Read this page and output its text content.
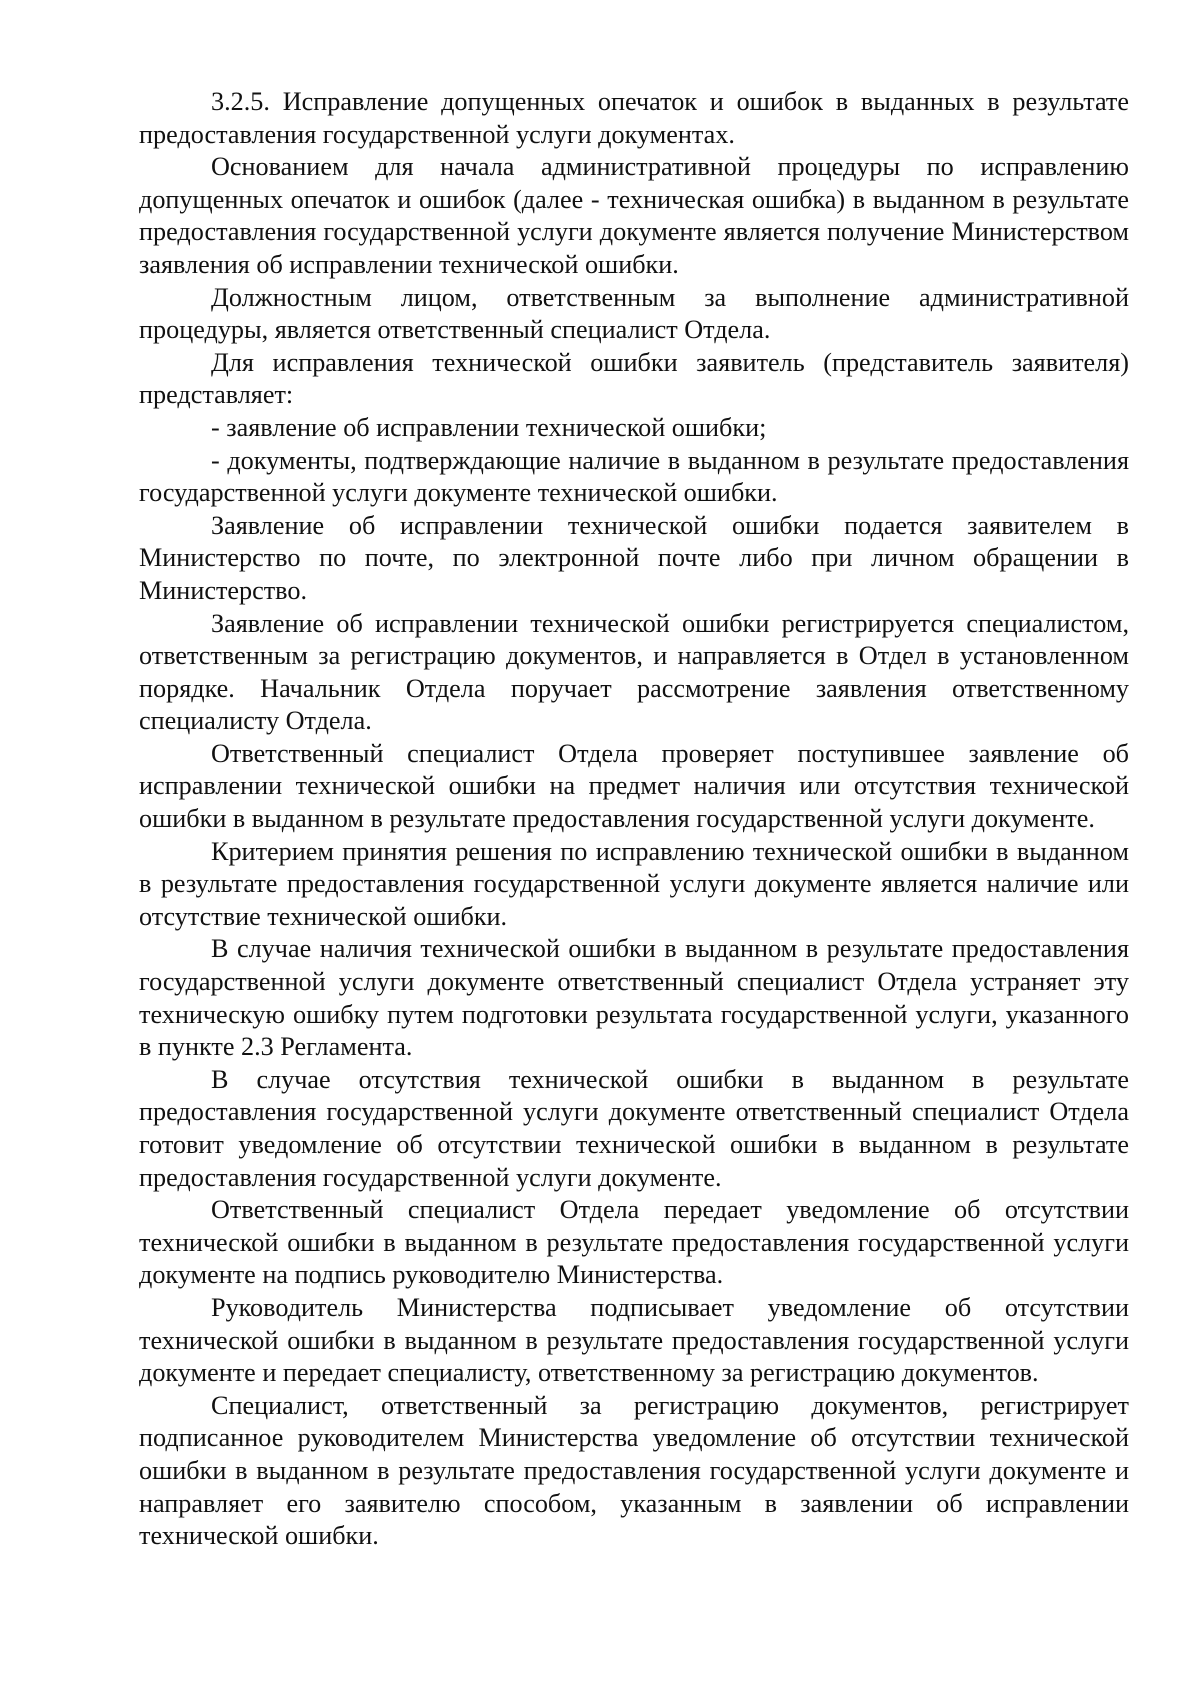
3.2.5. Исправление допущенных опечаток и ошибок в выданных в результате предоставления государственной услуги документах.

Основанием для начала административной процедуры по исправлению допущенных опечаток и ошибок (далее - техническая ошибка) в выданном в результате предоставления государственной услуги документе является получение Министерством заявления об исправлении технической ошибки.

Должностным лицом, ответственным за выполнение административной процедуры, является ответственный специалист Отдела.

Для исправления технической ошибки заявитель (представитель заявителя) представляет:

- заявление об исправлении технической ошибки;

- документы, подтверждающие наличие в выданном в результате предоставления государственной услуги документе технической ошибки.

Заявление об исправлении технической ошибки подается заявителем в Министерство по почте, по электронной почте либо при личном обращении в Министерство.

Заявление об исправлении технической ошибки регистрируется специалистом, ответственным за регистрацию документов, и направляется в Отдел в установленном порядке. Начальник Отдела поручает рассмотрение заявления ответственному специалисту Отдела.

Ответственный специалист Отдела проверяет поступившее заявление об исправлении технической ошибки на предмет наличия или отсутствия технической ошибки в выданном в результате предоставления государственной услуги документе.

Критерием принятия решения по исправлению технической ошибки в выданном в результате предоставления государственной услуги документе является наличие или отсутствие технической ошибки.

В случае наличия технической ошибки в выданном в результате предоставления государственной услуги документе ответственный специалист Отдела устраняет эту техническую ошибку путем подготовки результата государственной услуги, указанного в пункте 2.3 Регламента.

В случае отсутствия технической ошибки в выданном в результате предоставления государственной услуги документе ответственный специалист Отдела готовит уведомление об отсутствии технической ошибки в выданном в результате предоставления государственной услуги документе.

Ответственный специалист Отдела передает уведомление об отсутствии технической ошибки в выданном в результате предоставления государственной услуги документе на подпись руководителю Министерства.

Руководитель Министерства подписывает уведомление об отсутствии технической ошибки в выданном в результате предоставления государственной услуги документе и передает специалисту, ответственному за регистрацию документов.

Специалист, ответственный за регистрацию документов, регистрирует подписанное руководителем Министерства уведомление об отсутствии технической ошибки в выданном в результате предоставления государственной услуги документе и направляет его заявителю способом, указанным в заявлении об исправлении технической ошибки.
